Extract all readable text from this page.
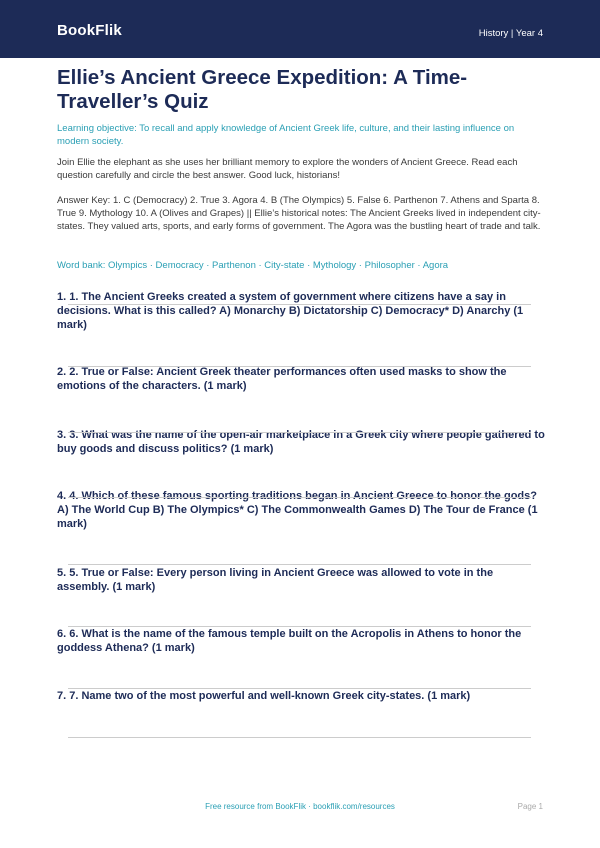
BookFlik	History | Year 4
Ellie’s Ancient Greece Expedition: A Time-Traveller’s Quiz
Learning objective: To recall and apply knowledge of Ancient Greek life, culture, and their lasting influence on modern society.
Join Ellie the elephant as she uses her brilliant memory to explore the wonders of Ancient Greece. Read each question carefully and circle the best answer. Good luck, historians!
Answer Key: 1. C (Democracy) 2. True 3. Agora 4. B (The Olympics) 5. False 6. Parthenon 7. Athens and Sparta 8. True 9. Mythology 10. A (Olives and Grapes) || Ellie’s historical notes: The Ancient Greeks lived in independent city-states. They valued arts, sports, and early forms of government. The Agora was the bustling heart of trade and talk.
Word bank: Olympics · Democracy · Parthenon · City-state · Mythology · Philosopher · Agora
1. 1. The Ancient Greeks created a system of government where citizens have a say in decisions. What is this called? A) Monarchy B) Dictatorship C) Democracy* D) Anarchy (1 mark)
2. 2. True or False: Ancient Greek theater performances often used masks to show the emotions of the characters. (1 mark)
3. 3. What was the name of the open-air marketplace in a Greek city where people gathered to buy goods and discuss politics? (1 mark)
4. 4. Which of these famous sporting traditions began in Ancient Greece to honor the gods? A) The World Cup B) The Olympics* C) The Commonwealth Games D) The Tour de France (1 mark)
5. 5. True or False: Every person living in Ancient Greece was allowed to vote in the assembly. (1 mark)
6. 6. What is the name of the famous temple built on the Acropolis in Athens to honor the goddess Athena? (1 mark)
7. 7. Name two of the most powerful and well-known Greek city-states. (1 mark)
Free resource from BookFlik · bookflik.com/resources	Page 1
